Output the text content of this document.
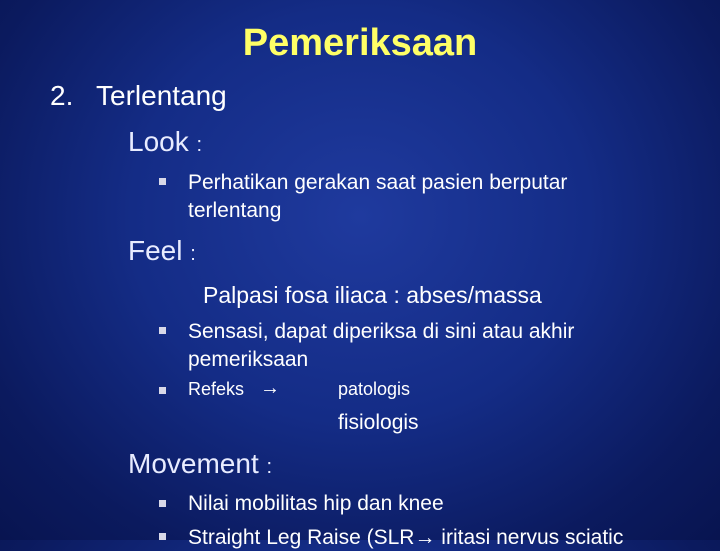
Pemeriksaan
2. Terlentang
Look :
Perhatikan gerakan saat pasien berputar
terlentang
Feel :
Palpasi fosa iliaca : abses/massa
Sensasi, dapat diperiksa di sini atau akhir
pemeriksaan
Refeks →	patologis
fisiologis
Movement :
Nilai mobilitas hip dan knee
Straight Leg Raise (SLR→ iritasi nervus sciatic
